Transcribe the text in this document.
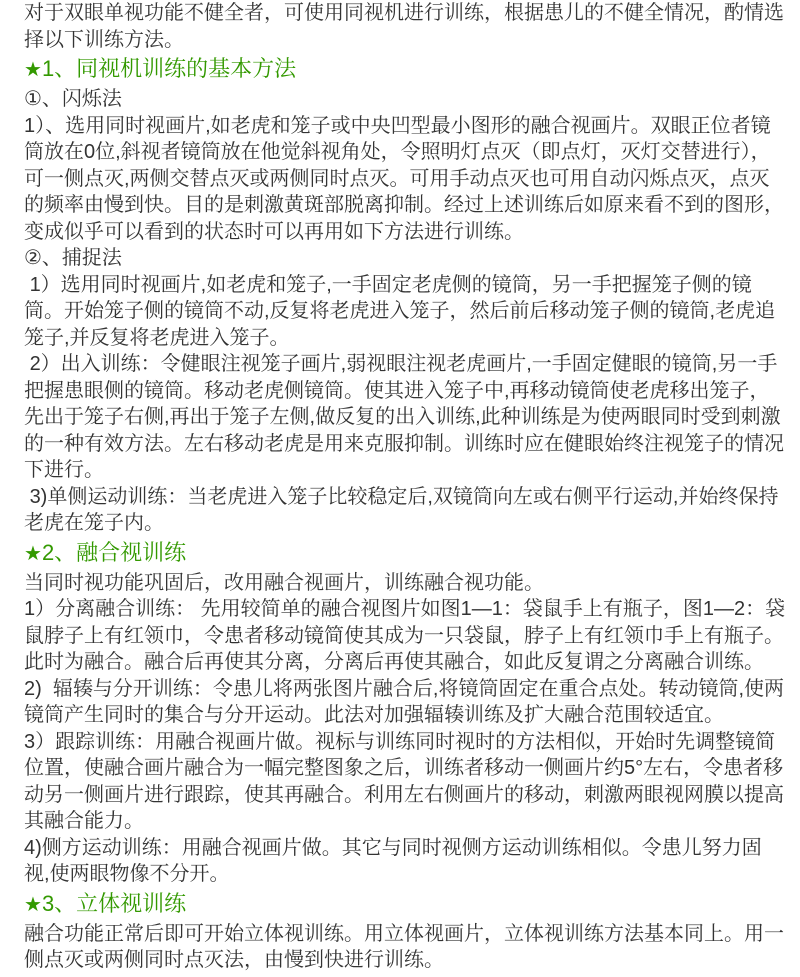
对于双眼单视功能不健全者，可使用同视机进行训练，根据患儿的不健全情况，酌情选择以下训练方法。

★1、同视机训练的基本方法

①、闪烁法

1）、选用同时视画片,如老虎和笼子或中央凹型最小图形的融合视画片。双眼正位者镜筒放在0位,斜视者镜筒放在他觉斜视角处，令照明灯点灭（即点灯，灭灯交替进行），可一侧点灭,两侧交替点灭或两侧同时点灭。可用手动点灭也可用自动闪烁点灭，点灭的频率由慢到快。目的是刺激黄斑部脱离抑制。经过上述训练后如原来看不到的图形，变成似乎可以看到的状态时可以再用如下方法进行训练。

②、捕捉法

1）选用同时视画片,如老虎和笼子,一手固定老虎侧的镜筒，另一手把握笼子侧的镜筒。开始笼子侧的镜筒不动,反复将老虎进入笼子，然后前后移动笼子侧的镜筒,老虎追笼子,并反复将老虎进入笼子。

2）出入训练：令健眼注视笼子画片,弱视眼注视老虎画片,一手固定健眼的镜筒,另一手把握患眼侧的镜筒。移动老虎侧镜筒。使其进入笼子中,再移动镜筒使老虎移出笼子，先出于笼子右侧,再出于笼子左侧,做反复的出入训练,此种训练是为使两眼同时受到刺激的一种有效方法。左右移动老虎是用来克服抑制。训练时应在健眼始终注视笼子的情况下进行。

3)单侧运动训练：当老虎进入笼子比较稳定后,双镜筒向左或右侧平行运动,并始终保持老虎在笼子内。

★2、融合视训练

当同时视功能巩固后，改用融合视画片，训练融合视功能。

1）分离融合训练： 先用较简单的融合视图片如图1—1：袋鼠手上有瓶子，图1—2：袋鼠脖子上有红领巾，令患者移动镜简使其成为一只袋鼠，脖子上有红领巾手上有瓶子。此时为融合。融合后再使其分离，分离后再使其融合，如此反复谓之分离融合训练。

2)  辐辏与分开训练：令患儿将两张图片融合后,将镜筒固定在重合点处。转动镜筒,使两镜筒产生同时的集合与分开运动。此法对加强辐辏训练及扩大融合范围较适宜。

3）跟踪训练：用融合视画片做。视标与训练同时视时的方法相似，开始时先调整镜简位置，使融合画片融合为一幅完整图象之后，训练者移动一侧画片约5°左右，令患者移动另一侧画片进行跟踪，使其再融合。利用左右侧画片的移动，刺激两眼视网膜以提高其融合能力。

4)侧方运动训练：用融合视画片做。其它与同时视侧方运动训练相似。令患儿努力固视,使两眼物像不分开。

★3、立体视训练

融合功能正常后即可开始立体视训练。用立体视画片，立体视训练方法基本同上。用一侧点灭或两侧同时点灭法，由慢到快进行训练。
